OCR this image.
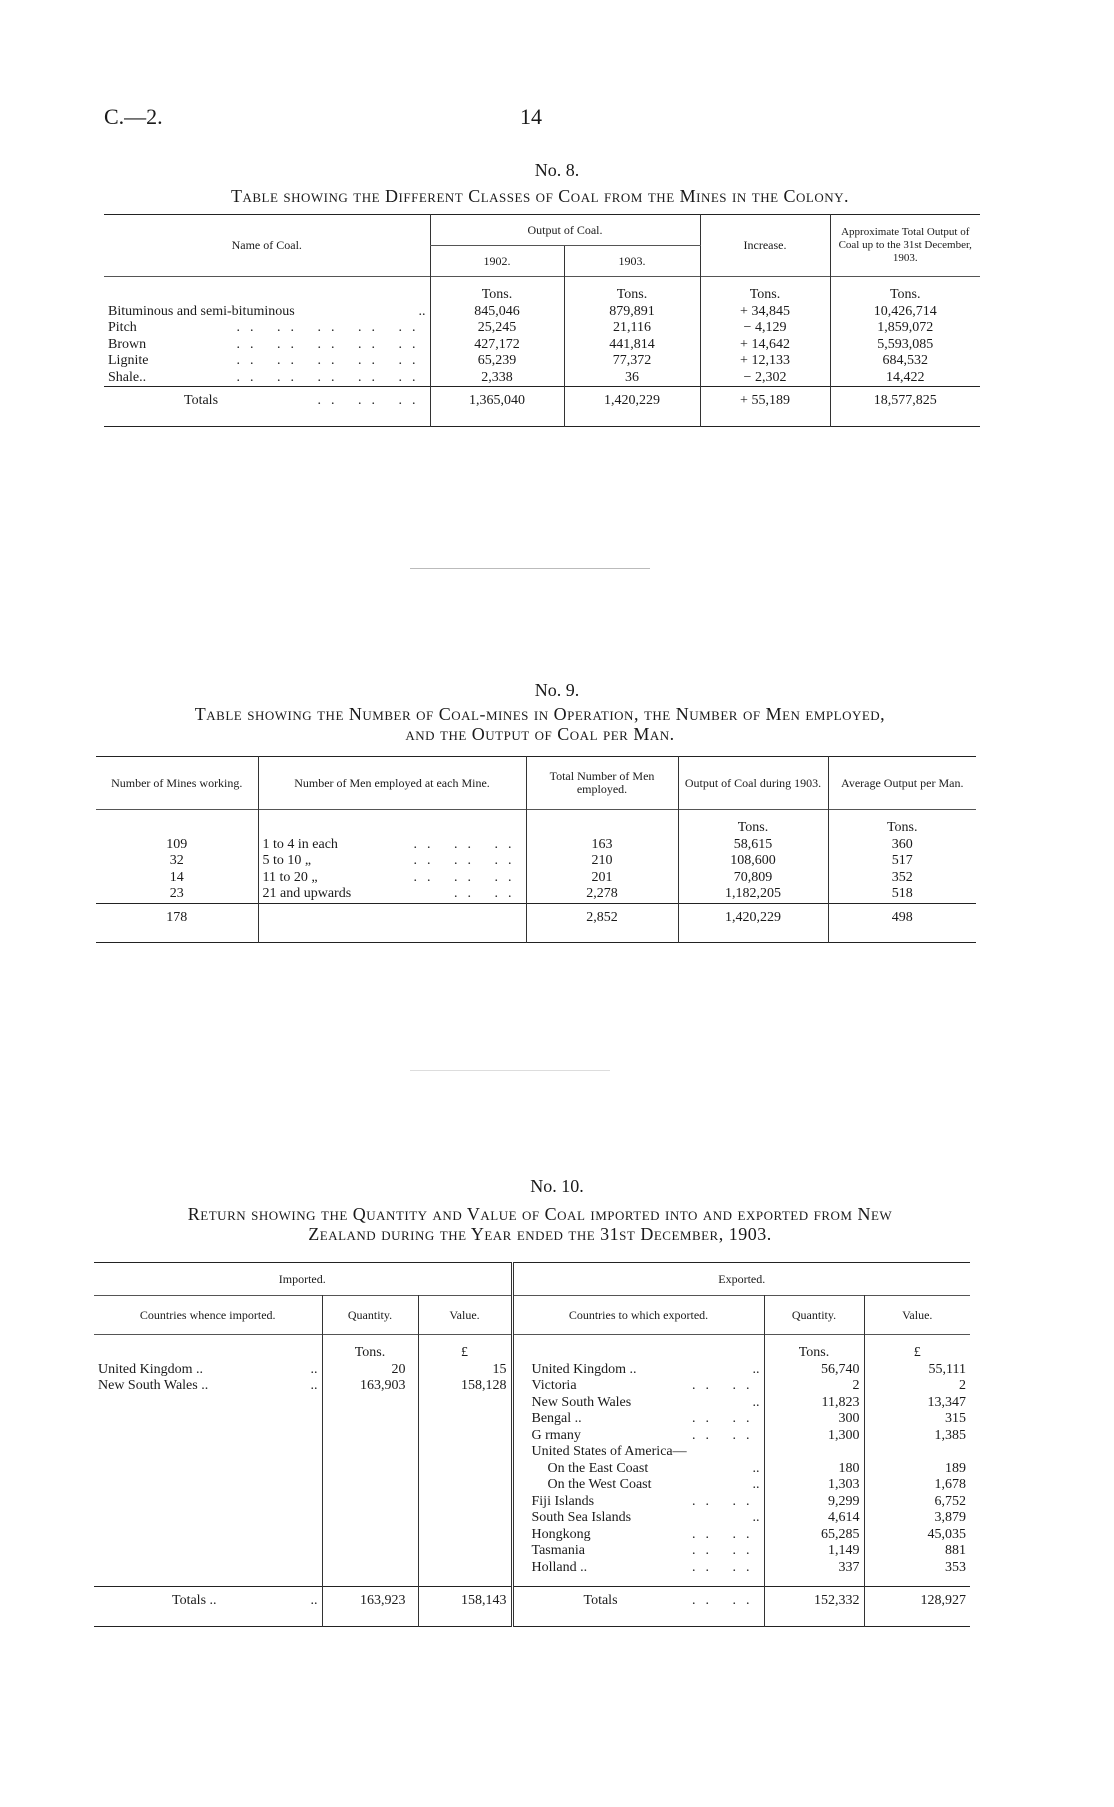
C.—2.	14
No. 8.
Table showing the Different Classes of Coal from the Mines in the Colony.
Name of Coal.	Output of Coal.		Increase.	Approximate Total Output of Coal up to the 31st December, 1903.
	1902.	1903.		

	Tons.	Tons.	Tons.	Tons.
Bituminous and semi-bituminous ..	845,046	879,891	+ 34,845	10,426,714
Pitch .. .. .. .. ..	25,245	21,116	− 4,129	1,859,072
Brown .. .. .. .. ..	427,172	441,814	+ 14,642	5,593,085
Lignite .. .. .. .. ..	65,239	77,372	+ 12,133	684,532
Shale.. .. .. .. .. ..	2,338	36	− 2,302	14,422
Totals .. .. ..	1,365,040	1,420,229	+ 55,189	18,577,825
No. 9.
Table showing the Number of Coal-mines in Operation, the Number of Men employed,
and the Output of Coal per Man.
Number of Mines working.	Number of Men employed at each Mine.	Total Number of Men employed.	Output of Coal during 1903.	Average Output per Man.

			Tons.	Tons.
109	1 to 4 in each .. .. ..	163	58,615	360
32	5 to 10 „ .. .. ..	210	108,600	517
14	11 to 20 „ .. .. ..	201	70,809	352
23	21 and upwards .. ..	2,278	1,182,205	518
178		2,852	1,420,229	498
No. 10.
Return showing the Quantity and Value of Coal imported into and exported from New
Zealand during the Year ended the 31st December, 1903.
Imported.			Exported.		
Countries whence imported.	Quantity.	Value.	Countries to which exported.	Quantity.	Value.

	Tons.	£		Tons.	£
United Kingdom .. ..	20	15	United Kingdom .. ..	56,740	55,111
New South Wales .. ..	163,903	158,128	Victoria .. ..	2	2
			New South Wales ..	11,823	13,347
			Bengal .. .. ..	300	315
			G rmany .. ..	1,300	1,385
			United States of America—		
			On the East Coast ..	180	189
			On the West Coast ..	1,303	1,678
			Fiji Islands .. ..	9,299	6,752
			South Sea Islands ..	4,614	3,879
			Hongkong .. ..	65,285	45,035
			Tasmania .. ..	1,149	881
			Holland .. .. ..	337	353

Totals .. ..	163,923	158,143	Totals .. ..	152,332	128,927
